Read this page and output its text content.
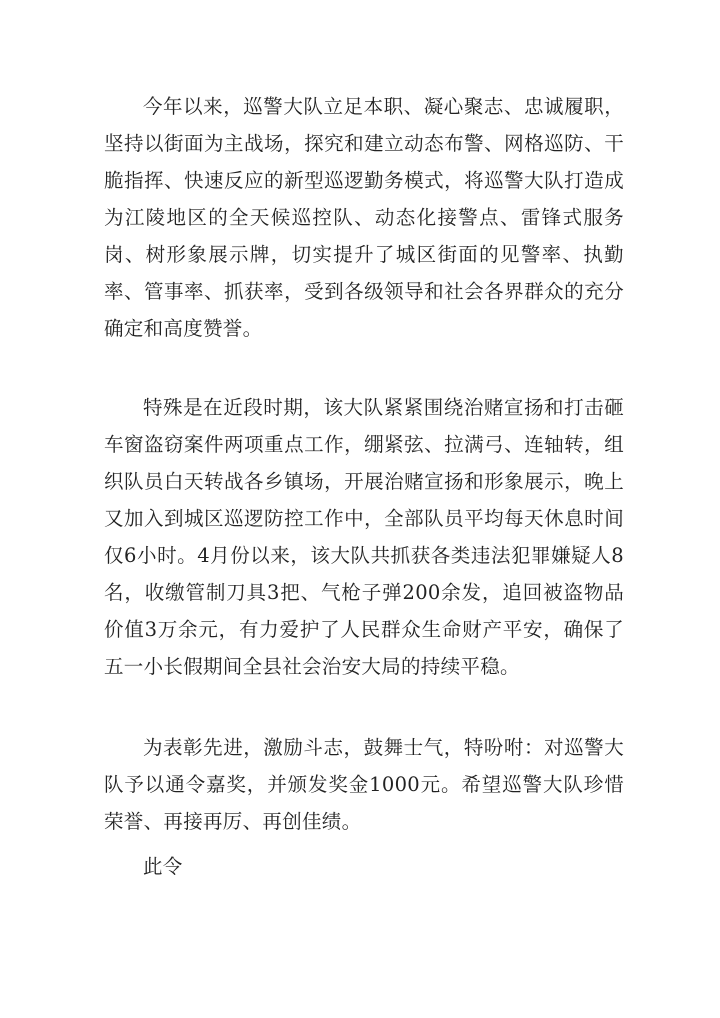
今年以来，巡警大队立足本职、凝心聚志、忠诚履职，坚持以街面为主战场，探究和建立动态布警、网格巡防、干脆指挥、快速反应的新型巡逻勤务模式，将巡警大队打造成为江陵地区的全天候巡控队、动态化接警点、雷锋式服务岗、树形象展示牌，切实提升了城区街面的见警率、执勤率、管事率、抓获率，受到各级领导和社会各界群众的充分确定和高度赞誉。

特殊是在近段时期，该大队紧紧围绕治赌宣扬和打击砸车窗盗窃案件两项重点工作，绷紧弦、拉满弓、连轴转，组织队员白天转战各乡镇场，开展治赌宣扬和形象展示，晚上又加入到城区巡逻防控工作中，全部队员平均每天休息时间仅6小时。4月份以来，该大队共抓获各类违法犯罪嫌疑人8名，收缴管制刀具3把、气枪子弹200余发，追回被盗物品价值3万余元，有力爱护了人民群众生命财产平安，确保了五一小长假期间全县社会治安大局的持续平稳。

为表彰先进，激励斗志，鼓舞士气，特吩咐：对巡警大队予以通令嘉奖，并颁发奖金1000元。希望巡警大队珍惜荣誉、再接再厉、再创佳绩。

此令
